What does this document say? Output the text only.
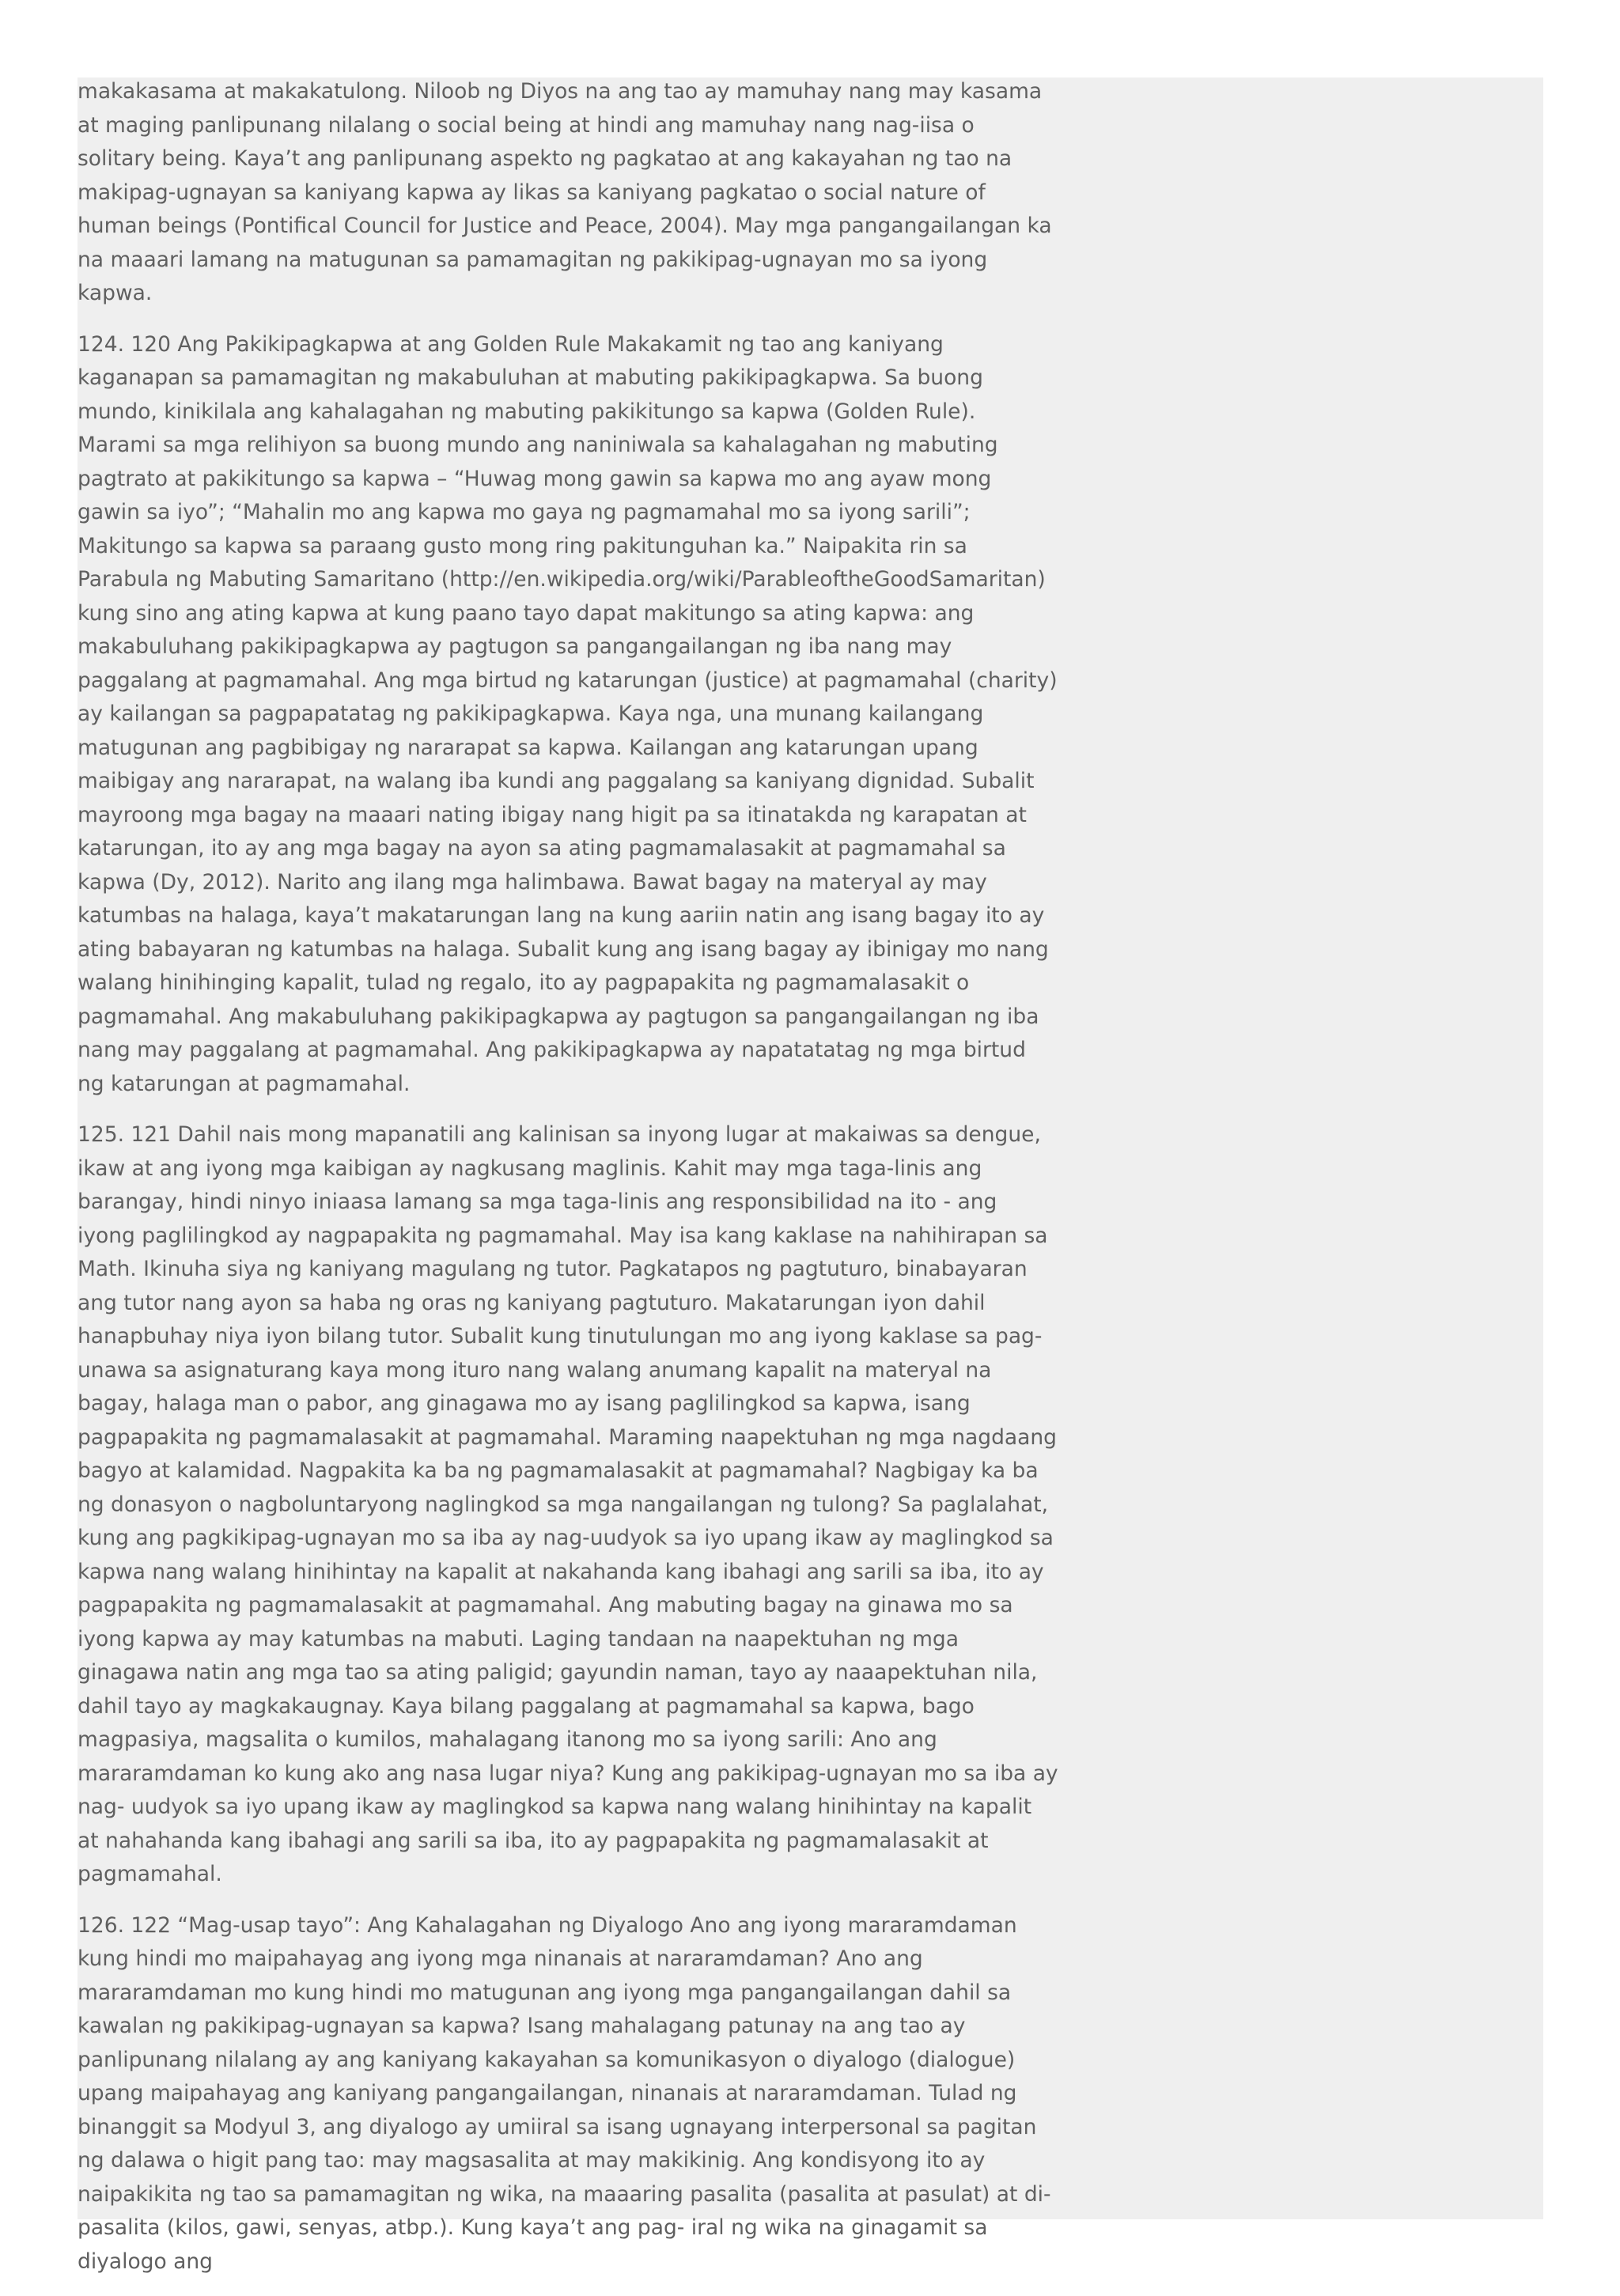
makakasama at makakatulong. Niloob ng Diyos na ang tao ay mamuhay nang may kasama at maging panlipunang nilalang o social being at hindi ang mamuhay nang nag-iisa o solitary being. Kaya’t ang panlipunang aspekto ng pagkatao at ang kakayahan ng tao na makipag-ugnayan sa kaniyang kapwa ay likas sa kaniyang pagkatao o social nature of human beings (Pontifical Council for Justice and Peace, 2004). May mga pangangailangan ka na maaari lamang na matugunan sa pamamagitan ng pakikipag-ugnayan mo sa iyong kapwa.

124. 120 Ang Pakikipagkapwa at ang Golden Rule Makakamit ng tao ang kaniyang kaganapan sa pamamagitan ng makabuluhan at mabuting pakikipagkapwa. Sa buong mundo, kinikilala ang kahalagahan ng mabuting pakikitungo sa kapwa (Golden Rule). Marami sa mga relihiyon sa buong mundo ang naniniwala sa kahalagahan ng mabuting pagtrato at pakikitungo sa kapwa – “Huwag mong gawin sa kapwa mo ang ayaw mong gawin sa iyo”; “Mahalin mo ang kapwa mo gaya ng pagmamahal mo sa iyong sarili”; Makitungo sa kapwa sa paraang gusto mong ring pakitunguhan ka.” Naipakita rin sa Parabula ng Mabuting Samaritano (http://en.wikipedia.org/wiki/ParableoftheGoodSamaritan) kung sino ang ating kapwa at kung paano tayo dapat makitungo sa ating kapwa: ang makabuluhang pakikipagkapwa ay pagtugon sa pangangailangan ng iba nang may paggalang at pagmamahal. Ang mga birtud ng katarungan (justice) at pagmamahal (charity) ay kailangan sa pagpapatatag ng pakikipagkapwa. Kaya nga, una munang kailangang matugunan ang pagbibigay ng nararapat sa kapwa. Kailangan ang katarungan upang maibigay ang nararapat, na walang iba kundi ang paggalang sa kaniyang dignidad. Subalit mayroong mga bagay na maaari nating ibigay nang higit pa sa itinatakda ng karapatan at katarungan, ito ay ang mga bagay na ayon sa ating pagmamalasakit at pagmamahal sa kapwa (Dy, 2012). Narito ang ilang mga halimbawa. Bawat bagay na materyal ay may katumbas na halaga, kaya’t makatarungan lang na kung aariin natin ang isang bagay ito ay ating babayaran ng katumbas na halaga. Subalit kung ang isang bagay ay ibinigay mo nang walang hinihinging kapalit, tulad ng regalo, ito ay pagpapakita ng pagmamalasakit o pagmamahal. Ang makabuluhang pakikipagkapwa ay pagtugon sa pangangailangan ng iba nang may paggalang at pagmamahal. Ang pakikipagkapwa ay napatatatag ng mga birtud ng katarungan at pagmamahal.

125. 121 Dahil nais mong mapanatili ang kalinisan sa inyong lugar at makaiwas sa dengue, ikaw at ang iyong mga kaibigan ay nagkusang maglinis. Kahit may mga taga-linis ang barangay, hindi ninyo iniaasa lamang sa mga taga-linis ang responsibilidad na ito - ang iyong paglilingkod ay nagpapakita ng pagmamahal. May isa kang kaklase na nahihirapan sa Math. Ikinuha siya ng kaniyang magulang ng tutor. Pagkatapos ng pagtuturo, binabayaran ang tutor nang ayon sa haba ng oras ng kaniyang pagtuturo. Makatarungan iyon dahil hanapbuhay niya iyon bilang tutor. Subalit kung tinutulungan mo ang iyong kaklase sa pag-unawa sa asignaturang kaya mong ituro nang walang anumang kapalit na materyal na bagay, halaga man o pabor, ang ginagawa mo ay isang paglilingkod sa kapwa, isang pagpapakita ng pagmamalasakit at pagmamahal. Maraming naapektuhan ng mga nagdaang bagyo at kalamidad. Nagpakita ka ba ng pagmamalasakit at pagmamahal? Nagbigay ka ba ng donasyon o nagboluntaryong naglingkod sa mga nangailangan ng tulong? Sa paglalahat, kung ang pagkikipag-ugnayan mo sa iba ay nag-uudyok sa iyo upang ikaw ay maglingkod sa kapwa nang walang hinihintay na kapalit at nakahanda kang ibahagi ang sarili sa iba, ito ay pagpapakita ng pagmamalasakit at pagmamahal. Ang mabuting bagay na ginawa mo sa iyong kapwa ay may katumbas na mabuti. Laging tandaan na naapektuhan ng mga ginagawa natin ang mga tao sa ating paligid; gayundin naman, tayo ay naaapektuhan nila, dahil tayo ay magkakaugnay. Kaya bilang paggalang at pagmamahal sa kapwa, bago magpasiya, magsalita o kumilos, mahalagang itanong mo sa iyong sarili: Ano ang mararamdaman ko kung ako ang nasa lugar niya? Kung ang pakikipag-ugnayan mo sa iba ay nag- uudyok sa iyo upang ikaw ay maglingkod sa kapwa nang walang hinihintay na kapalit at nahahanda kang ibahagi ang sarili sa iba, ito ay pagpapakita ng pagmamalasakit at pagmamahal.

126. 122 “Mag-usap tayo”: Ang Kahalagahan ng Diyalogo Ano ang iyong mararamdaman kung hindi mo maipahayag ang iyong mga ninanais at nararamdaman? Ano ang mararamdaman mo kung hindi mo matugunan ang iyong mga pangangailangan dahil sa kawalan ng pakikipag-ugnayan sa kapwa? Isang mahalagang patunay na ang tao ay panlipunang nilalang ay ang kaniyang kakayahan sa komunikasyon o diyalogo (dialogue) upang maipahayag ang kaniyang pangangailangan, ninanais at nararamdaman. Tulad ng binanggit sa Modyul 3, ang diyalogo ay umiiral sa isang ugnayang interpersonal sa pagitan ng dalawa o higit pang tao: may magsasalita at may makikinig. Ang kondisyong ito ay naipakikita ng tao sa pamamagitan ng wika, na maaaring pasalita (pasalita at pasulat) at di-pasalita (kilos, gawi, senyas, atbp.). Kung kaya’t ang pag- iral ng wika na ginagamit sa diyalogo ang
